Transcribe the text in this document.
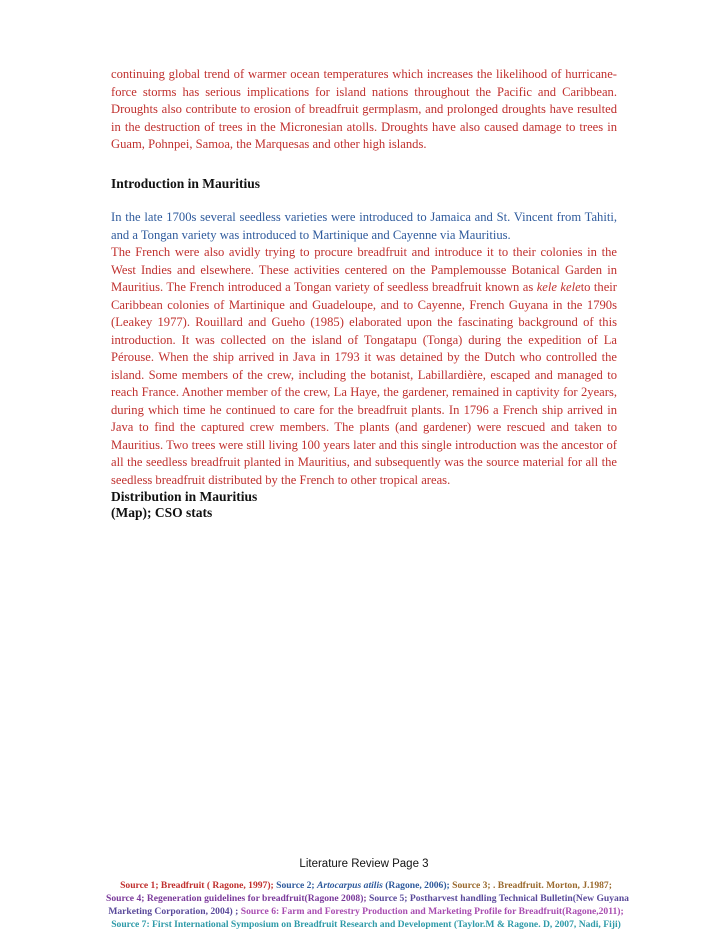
continuing global trend of warmer ocean temperatures which increases the likelihood of hurricane-force storms has serious implications for island nations throughout the Pacific and Caribbean. Droughts also contribute to erosion of breadfruit germplasm, and prolonged droughts have resulted in the destruction of trees in the Micronesian atolls. Droughts have also caused damage to trees in Guam, Pohnpei, Samoa, the Marquesas and other high islands.

Introduction in Mauritius
In the late 1700s several seedless varieties were introduced to Jamaica and St. Vincent from Tahiti, and a Tongan variety was introduced to Martinique and Cayenne via Mauritius.
The French were also avidly trying to procure breadfruit and introduce it to their colonies in the West Indies and elsewhere. These activities centered on the Pamplemousse Botanical Garden in Mauritius. The French introduced a Tongan variety of seedless breadfruit known as kele keleto their Caribbean colonies of Martinique and Guadeloupe, and to Cayenne, French Guyana in the 1790s (Leakey 1977). Rouillard and Gueho (1985) elaborated upon the fascinating background of this introduction. It was collected on the island of Tongatapu (Tonga) during the expedition of La Pérouse. When the ship arrived in Java in 1793 it was detained by the Dutch who controlled the island. Some members of the crew, including the botanist, Labillardière, escaped and managed to reach France. Another member of the crew, La Haye, the gardener, remained in captivity for 2years, during which time he continued to care for the breadfruit plants. In 1796 a French ship arrived in Java to find the captured crew members. The plants (and gardener) were rescued and taken to Mauritius. Two trees were still living 100 years later and this single introduction was the ancestor of all the seedless breadfruit planted in Mauritius, and subsequently was the source material for all the seedless breadfruit distributed by the French to other tropical areas.
Distribution in Mauritius
(Map); CSO stats
Literature Review Page 3

Source 1; Breadfruit ( Ragone, 1997); Source 2; Artocarpus atilis (Ragone, 2006); Source 3; . Breadfruit. Morton, J.1987;
Source 4; Regeneration guidelines for breadfruit(Ragone 2008); Source 5; Postharvest handling Technical Bulletin(New Guyana
Marketing Corporation, 2004) ; Source 6: Farm and Forestry Production and Marketing Profile for Breadfruit(Ragone,2011);
Source 7: First International Symposium on Breadfruit Research and Development (Taylor.M & Ragone. D, 2007, Nadi, Fiji)
